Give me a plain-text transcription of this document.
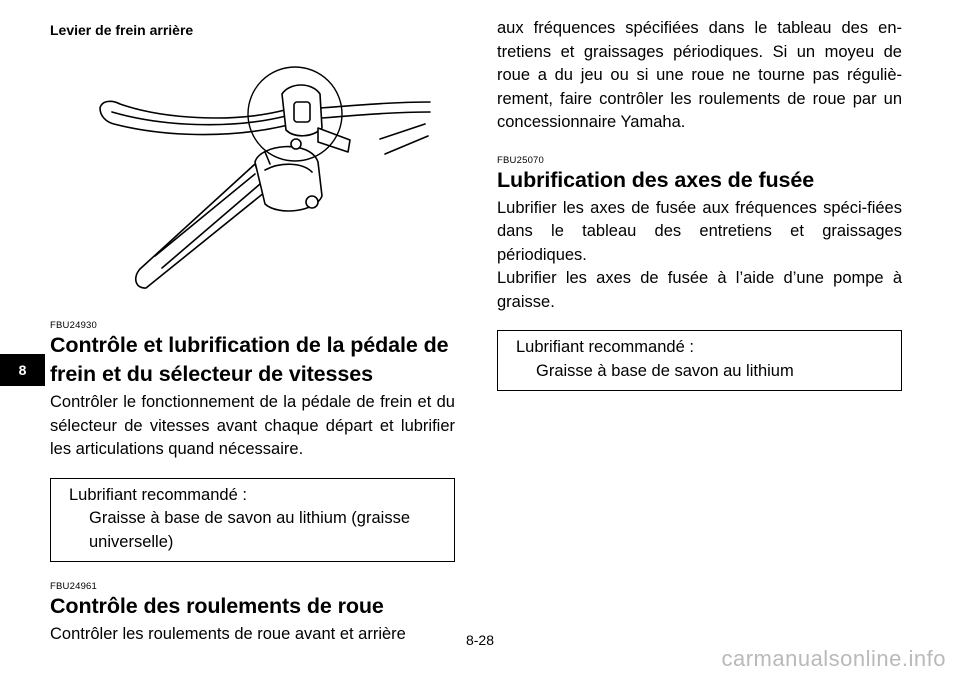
8
Levier de frein arrière

FBU24930

Contrôle et lubrification de la pédale de frein et du sélecteur de vitesses

Contrôler le fonctionnement de la pédale de frein et du sélecteur de vitesses avant chaque départ et lubrifier les articulations quand nécessaire.

Lubrifiant recommandé :
Graisse à base de savon au lithium (graisse universelle)

FBU24961

Contrôle des roulements de roue

Contrôler les roulements de roue avant et arrière

aux fréquences spécifiées dans le tableau des en-tretiens et graissages périodiques. Si un moyeu de roue a du jeu ou si une roue ne tourne pas réguliè-rement, faire contrôler les roulements de roue par un concessionnaire Yamaha.

FBU25070

Lubrification des axes de fusée

Lubrifier les axes de fusée aux fréquences spéci-fiées dans le tableau des entretiens et graissages périodiques.

Lubrifier les axes de fusée à l’aide d’une pompe à graisse.

Lubrifiant recommandé :
Graisse à base de savon au lithium
8-28
carmanualsonline.info
